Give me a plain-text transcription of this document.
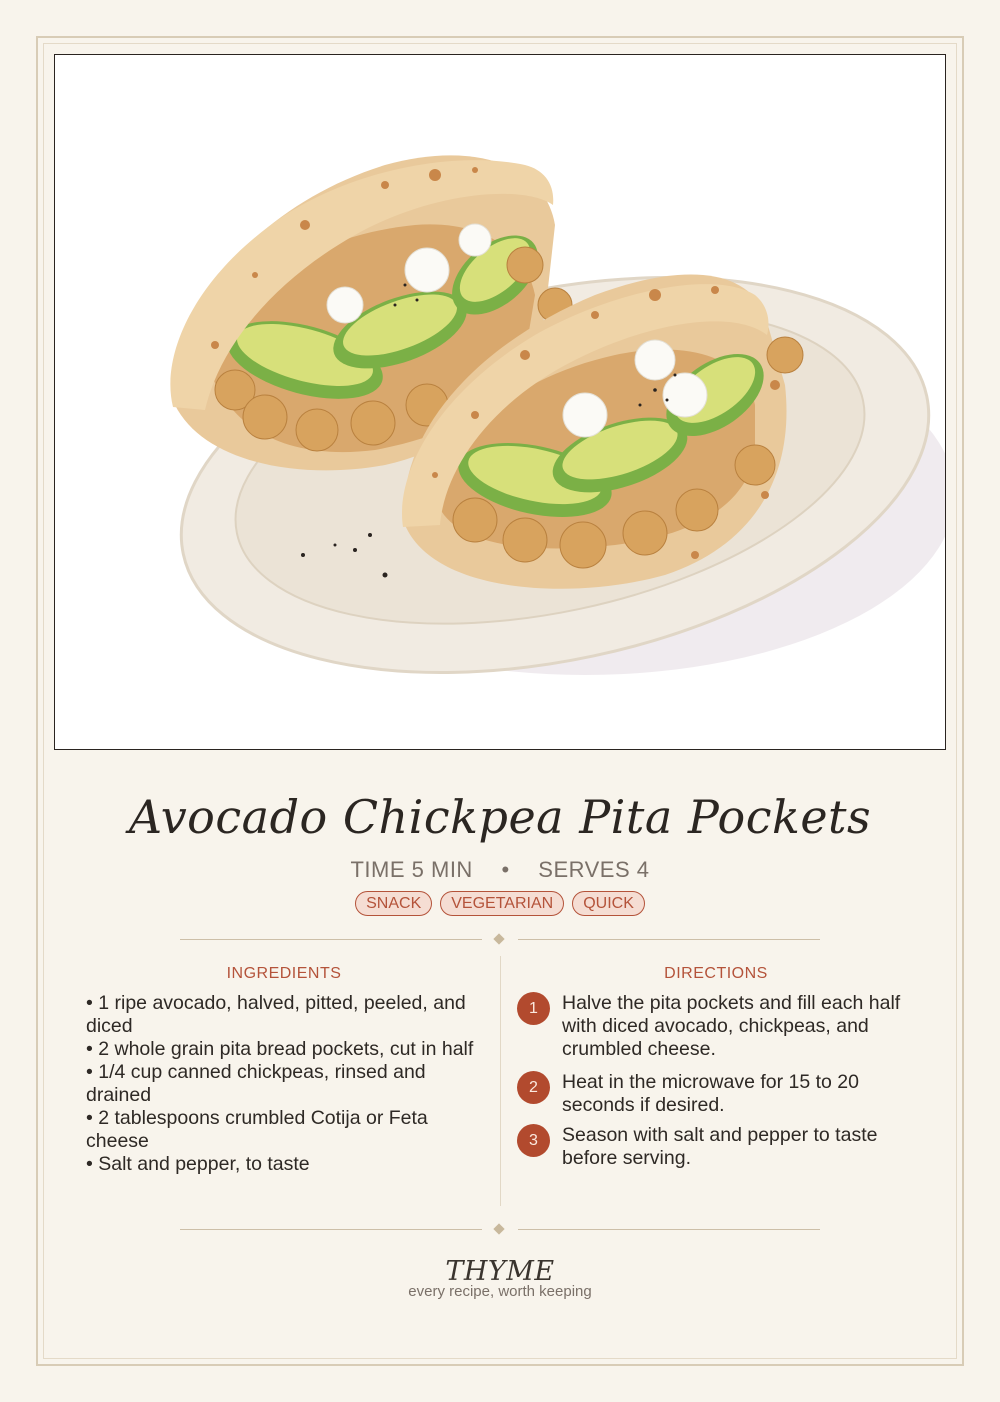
Avocado Chickpea Pita Pockets
TIME 5 MIN • SERVES 4
SNACK VEGETARIAN QUICK
INGREDIENTS
• 1 ripe avocado, halved, pitted, peeled, and diced
• 2 whole grain pita bread pockets, cut in half
• 1/4 cup canned chickpeas, rinsed and drained
• 2 tablespoons crumbled Cotija or Feta cheese
• Salt and pepper, to taste
DIRECTIONS
1	Halve the pita pockets and fill each half with diced avocado, chickpeas, and crumbled cheese.
2	Heat in the microwave for 15 to 20 seconds if desired.
3	Season with salt and pepper to taste before serving.
THYME
every recipe, worth keeping
